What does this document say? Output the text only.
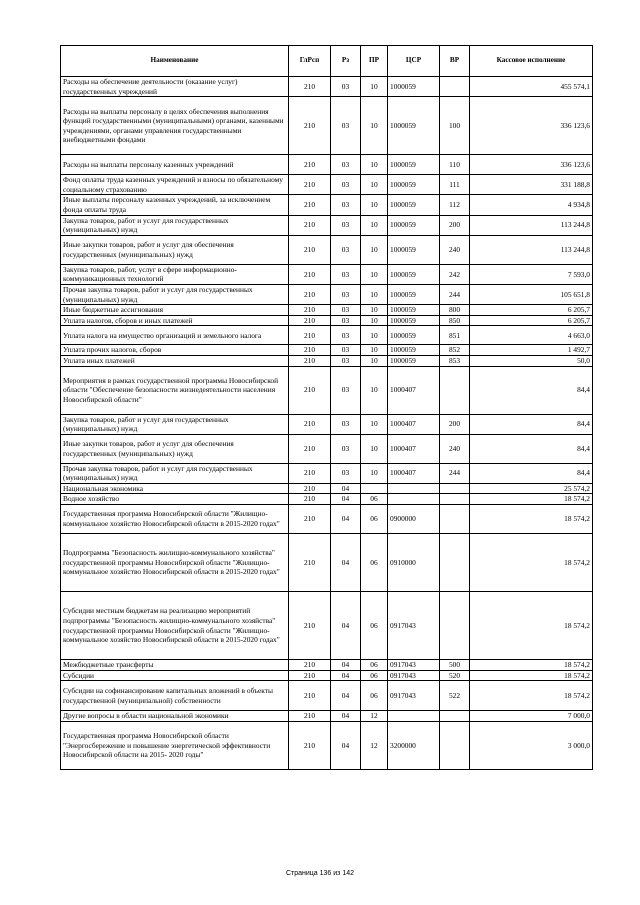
Наименование	ГлРсп	Рз	ПР	ЦСР	ВР	Кассовое исполнение
Расходы на обеспечение деятельности (оказание услуг) государственных учреждений	210	03	10	1000059		455 574,1
Расходы на выплаты персоналу в целях обеспечения выполнения функций государственными (муниципальными) органами, казенными учреждениями, органами управления государственными внебюджетными фондами	210	03	10	1000059	100	336 123,6
Расходы на выплаты персоналу казенных учреждений	210	03	10	1000059	110	336 123,6
Фонд оплаты труда казенных учреждений и взносы по обязательному социальному страхованию	210	03	10	1000059	111	331 188,8
Иные выплаты персоналу казенных учреждений, за исключением фонда оплаты труда	210	03	10	1000059	112	4 934,8
Закупка товаров, работ и услуг для государственных (муниципальных) нужд	210	03	10	1000059	200	113 244,8
Иные закупки товаров, работ и услуг для обеспечения государственных (муниципальных) нужд	210	03	10	1000059	240	113 244,8
Закупка товаров, работ, услуг в сфере информационно-коммуникационных технологий	210	03	10	1000059	242	7 593,0
Прочая закупка товаров, работ и услуг для государственных (муниципальных) нужд	210	03	10	1000059	244	105 651,8
Иные бюджетные ассигнования	210	03	10	1000059	800	6 205,7
Уплата налогов, сборов и иных платежей	210	03	10	1000059	850	6 205,7
Уплата налога на имущество организаций и земельного налога	210	03	10	1000059	851	4 663,0
Уплата прочих налогов, сборов	210	03	10	1000059	852	1 492,7
Уплата иных платежей	210	03	10	1000059	853	50,0
Мероприятия в рамках государственной программы Новосибирской области "Обеспечение безопасности жизнедеятельности населения Новосибирской области"	210	03	10	1000407		84,4
Закупка товаров, работ и услуг для государственных (муниципальных) нужд	210	03	10	1000407	200	84,4
Иные закупки товаров, работ и услуг для обеспечения государственных (муниципальных) нужд	210	03	10	1000407	240	84,4
Прочая закупка товаров, работ и услуг для государственных (муниципальных) нужд	210	03	10	1000407	244	84,4
Национальная экономика	210	04				25 574,2
Водное хозяйство	210	04	06			18 574,2
Государственная программа Новосибирской области "Жилищно-коммунальное хозяйство Новосибирской области в 2015-2020 годах"	210	04	06	0900000		18 574,2
Подпрограмма "Безопасность жилищно-коммунального хозяйства" государственной программы Новосибирской области "Жилищно-коммунальное хозяйство Новосибирской области в 2015-2020 годах"	210	04	06	0910000		18 574,2
Субсидии местным бюджетам на реализацию мероприятий подпрограммы "Безопасность жилищно-коммунального хозяйства" государственной программы Новосибирской области "Жилищно-коммунальное хозяйство Новосибирской области в 2015-2020 годах"	210	04	06	0917043		18 574,2
Межбюджетные трансферты	210	04	06	0917043	500	18 574,2
Субсидии	210	04	06	0917043	520	18 574,2
Субсидии на софинансирование капитальных вложений в объекты государственной (муниципальной) собственности	210	04	06	0917043	522	18 574,2
Другие вопросы в области национальной экономики	210	04	12			7 000,0
Государственная программа Новосибирской области "Энергосбережение и повышение энергетической эффективности Новосибирской области на 2015- 2020 годы"	210	04	12	3200000		3 000,0
Страница 136 из 142
